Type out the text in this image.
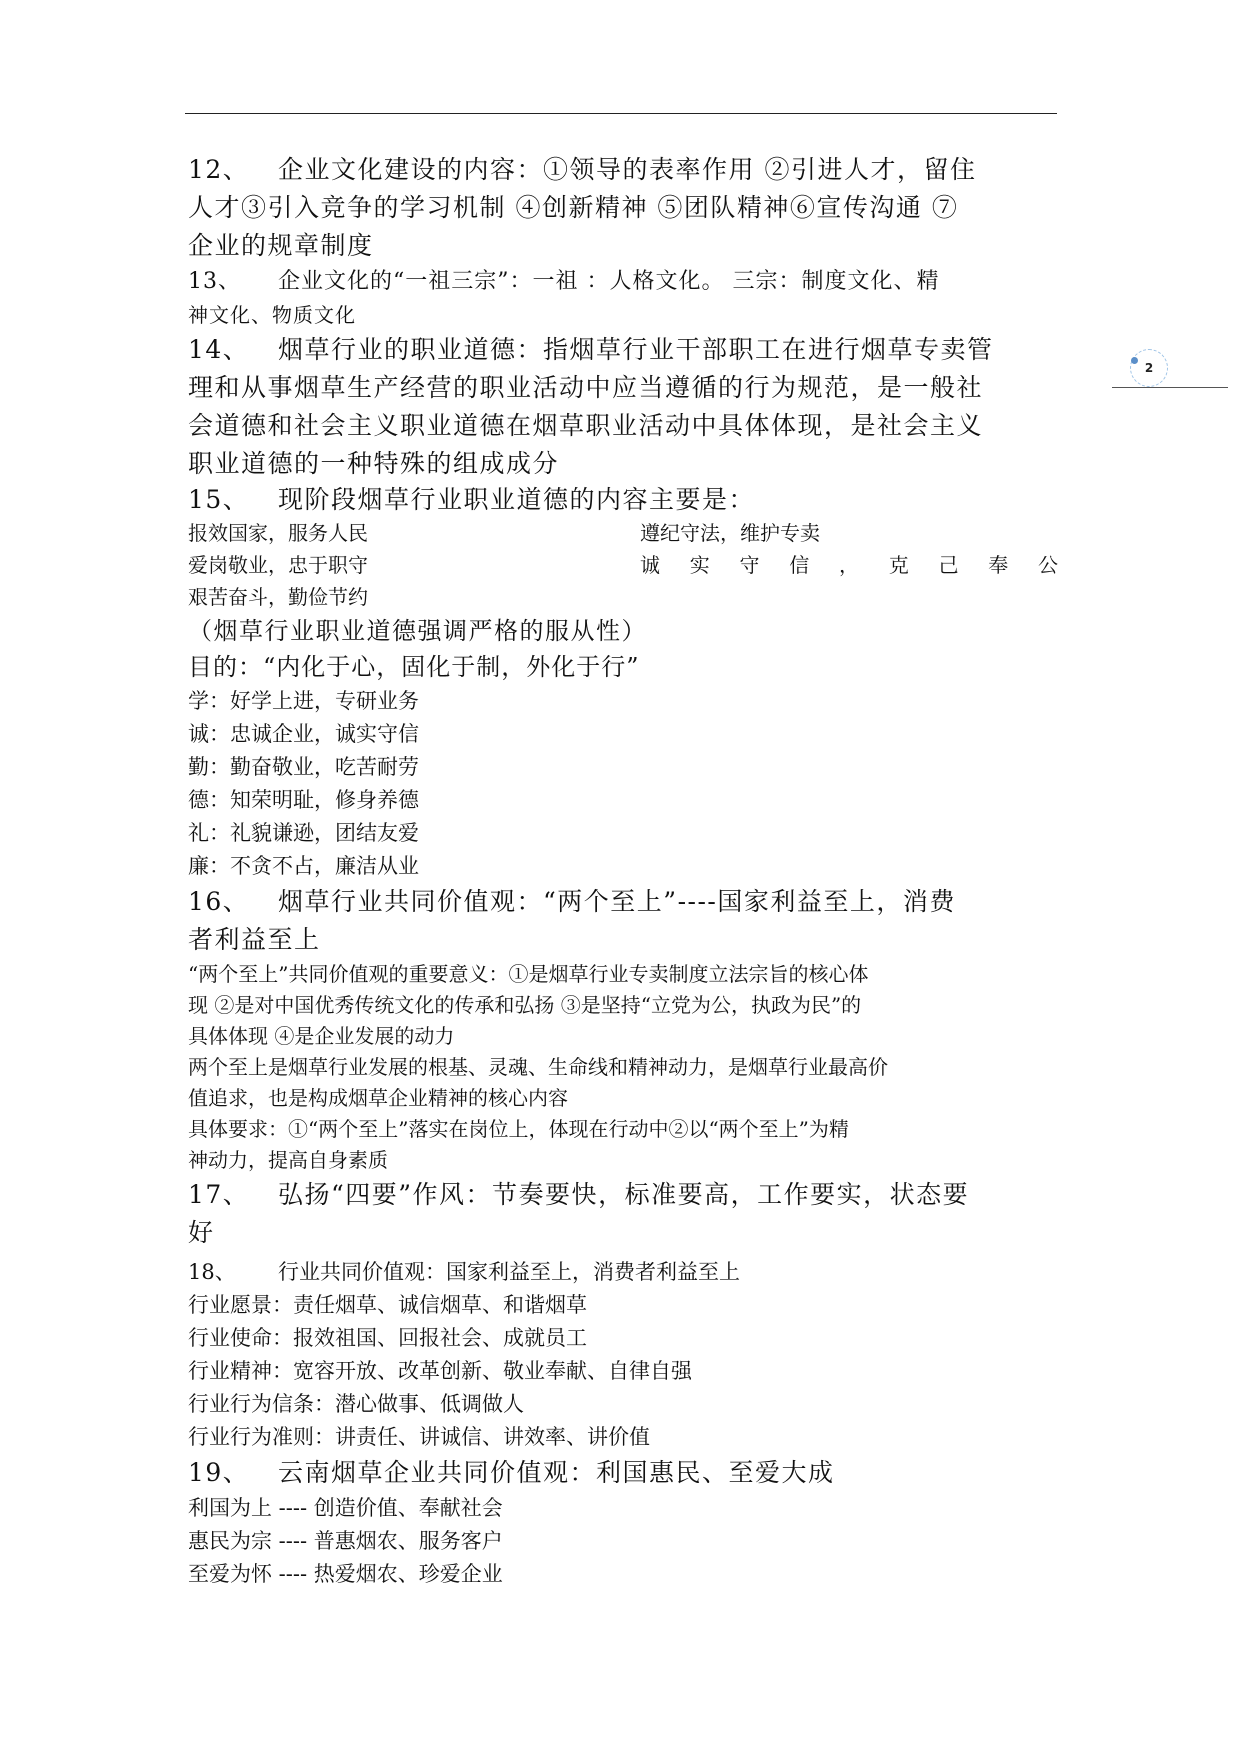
2
12、 企业文化建设的内容：①领导的表率作用 ②引进人才，留住
人才③引入竞争的学习机制 ④创新精神 ⑤团队精神⑥宣传沟通 ⑦
企业的规章制度
13、 企业文化的“一祖三宗”：一祖 ：人格文化。 三宗：制度文化、精
神文化、物质文化
14、 烟草行业的职业道德：指烟草行业干部职工在进行烟草专卖管
理和从事烟草生产经营的职业活动中应当遵循的行为规范，是一般社
会道德和社会主义职业道德在烟草职业活动中具体体现，是社会主义
职业道德的一种特殊的组成成分
15、 现阶段烟草行业职业道德的内容主要是：
报效国家，服务人民	遵纪守法，维护专卖
爱岗敬业，忠于职守	诚 实 守 信 ， 克 己 奉 公
艰苦奋斗，勤俭节约
（烟草行业职业道德强调严格的服从性）
目的：“内化于心，固化于制，外化于行”
学：好学上进，专研业务
诚：忠诚企业，诚实守信
勤：勤奋敬业，吃苦耐劳
德：知荣明耻，修身养德
礼：礼貌谦逊，团结友爱
廉：不贪不占，廉洁从业
16、 烟草行业共同价值观：“两个至上”----国家利益至上，消费
者利益至上
“两个至上”共同价值观的重要意义：①是烟草行业专卖制度立法宗旨的核心体
现 ②是对中国优秀传统文化的传承和弘扬 ③是坚持“立党为公，执政为民”的
具体体现 ④是企业发展的动力
两个至上是烟草行业发展的根基、灵魂、生命线和精神动力，是烟草行业最高价
值追求，也是构成烟草企业精神的核心内容
具体要求：①“两个至上”落实在岗位上，体现在行动中②以“两个至上”为精
神动力，提高自身素质
17、 弘扬“四要”作风：节奏要快，标准要高，工作要实，状态要
好
18、 行业共同价值观：国家利益至上，消费者利益至上
行业愿景：责任烟草、诚信烟草、和谐烟草
行业使命：报效祖国、回报社会、成就员工
行业精神：宽容开放、改革创新、敬业奉献、自律自强
行业行为信条：潜心做事、低调做人
行业行为准则：讲责任、讲诚信、讲效率、讲价值
19、 云南烟草企业共同价值观：利国惠民、至爱大成
利国为上 ---- 创造价值、奉献社会
惠民为宗 ---- 普惠烟农、服务客户
至爱为怀 ---- 热爱烟农、珍爱企业
